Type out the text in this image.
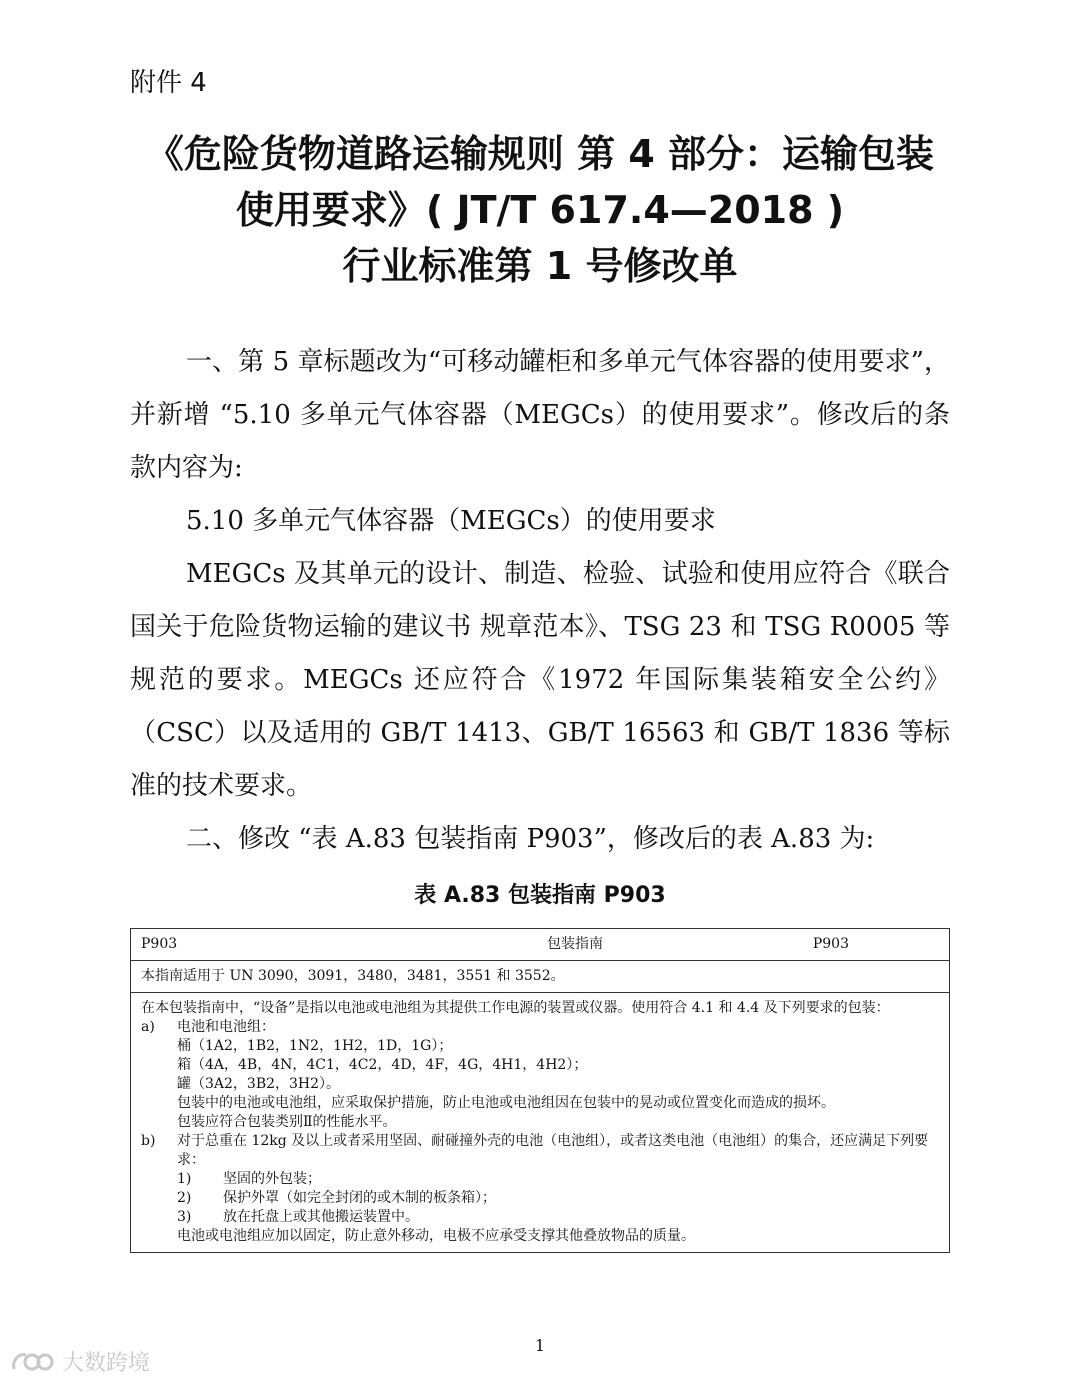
附件 4
《危险货物道路运输规则 第 4 部分：运输包装
使用要求》( JT/T 617.4—2018 )
行业标准第 1 号修改单

一、第 5 章标题改为“可移动罐柜和多单元气体容器的使用要求”，并新增 “5.10 多单元气体容器（MEGCs）的使用要求”。修改后的条款内容为:

5.10 多单元气体容器（MEGCs）的使用要求

MEGCs 及其单元的设计、制造、检验、试验和使用应符合《联合国关于危险货物运输的建议书 规章范本》、TSG 23 和 TSG R0005 等规范的要求。MEGCs 还应符合《1972 年国际集装箱安全公约》（CSC）以及适用的 GB/T 1413、GB/T 16563 和 GB/T 1836 等标准的技术要求。

二、修改 “表 A.83 包装指南 P903”，修改后的表 A.83 为:

表 A.83 包装指南 P903
P903	包装指南	P903

本指南适用于 UN 3090，3091，3480，3481，3551 和 3552。

在本包装指南中，“设备”是指以电池或电池组为其提供工作电源的装置或仪器。使用符合 4.1 和 4.4 及下列要求的包装：
a)	电池和电池组：
桶（1A2，1B2，1N2，1H2，1D，1G）；
箱（4A，4B，4N，4C1，4C2，4D，4F，4G，4H1，4H2）；
罐（3A2，3B2，3H2）。
包装中的电池或电池组，应采取保护措施，防止电池或电池组因在包装中的晃动或位置变化而造成的损坏。
包装应符合包装类别Ⅱ的性能水平。
b)	对于总重在 12kg 及以上或者采用坚固、耐碰撞外壳的电池（电池组），或者这类电池（电池组）的集合，还应满足下列要求：
1) 坚固的外包装；
2) 保护外罩（如完全封闭的或木制的板条箱）；
3) 放在托盘上或其他搬运装置中。
电池或电池组应加以固定，防止意外移动，电极不应承受支撑其他叠放物品的质量。
1
大数跨境
